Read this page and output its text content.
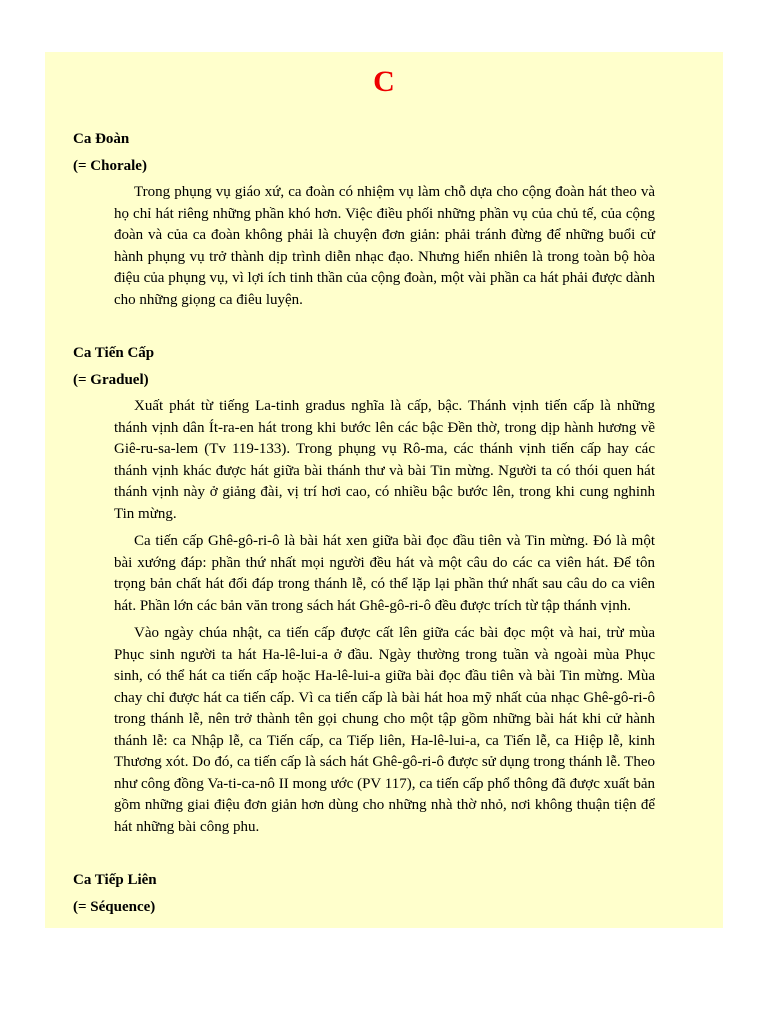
C

Ca Đoàn

(= Chorale)

Trong phụng vụ giáo xứ, ca đoàn có nhiệm vụ làm chỗ dựa cho cộng đoàn hát theo và họ chỉ hát riêng những phần khó hơn. Việc điều phối những phần vụ của chủ tế, của cộng đoàn và của ca đoàn không phải là chuyện đơn giản: phải tránh đừng để những buổi cử hành phụng vụ trở thành dịp trình diễn nhạc đạo. Nhưng hiển nhiên là trong toàn bộ hòa điệu của phụng vụ, vì lợi ích tinh thần của cộng đoàn, một vài phần ca hát phải được dành cho những giọng ca điêu luyện.

Ca Tiến Cấp

(= Graduel)

Xuất phát từ tiếng La-tinh gradus nghĩa là cấp, bậc. Thánh vịnh tiến cấp là những thánh vịnh dân Ít-ra-en hát trong khi bước lên các bậc Đền thờ, trong dịp hành hương về Giê-ru-sa-lem (Tv 119-133). Trong phụng vụ Rô-ma, các thánh vịnh tiến cấp hay các thánh vịnh khác được hát giữa bài thánh thư và bài Tin mừng. Người ta có thói quen hát thánh vịnh này ở giảng đài, vị trí hơi cao, có nhiều bậc bước lên, trong khi cung nghinh Tin mừng.

Ca tiến cấp Ghê-gô-ri-ô là bài hát xen giữa bài đọc đầu tiên và Tin mừng. Đó là một bài xướng đáp: phần thứ nhất mọi người đều hát và một câu do các ca viên hát. Để tôn trọng bản chất hát đối đáp trong thánh lễ, có thể lặp lại phần thứ nhất sau câu do ca viên hát. Phần lớn các bản văn trong sách hát Ghê-gô-ri-ô đều được trích từ tập thánh vịnh.

Vào ngày chúa nhật, ca tiến cấp được cất lên giữa các bài đọc một và hai, trừ mùa Phục sinh người ta hát Ha-lê-lui-a ở đầu. Ngày thường trong tuần và ngoài mùa Phục sinh, có thể hát ca tiến cấp hoặc Ha-lê-lui-a giữa bài đọc đầu tiên và bài Tin mừng. Mùa chay chỉ được hát ca tiến cấp. Vì ca tiến cấp là bài hát hoa mỹ nhất của nhạc Ghê-gô-ri-ô trong thánh lễ, nên trở thành tên gọi chung cho một tập gồm những bài hát khi cử hành thánh lễ: ca Nhập lễ, ca Tiến cấp, ca Tiếp liên, Ha-lê-lui-a, ca Tiến lễ, ca Hiệp lễ, kinh Thương xót. Do đó, ca tiến cấp là sách hát Ghê-gô-ri-ô được sử dụng trong thánh lễ. Theo như công đồng Va-ti-ca-nô II mong ước (PV 117), ca tiến cấp phổ thông đã được xuất bản gồm những giai điệu đơn giản hơn dùng cho những nhà thờ nhỏ, nơi không thuận tiện để hát những bài công phu.

Ca Tiếp Liên

(= Séquence)
